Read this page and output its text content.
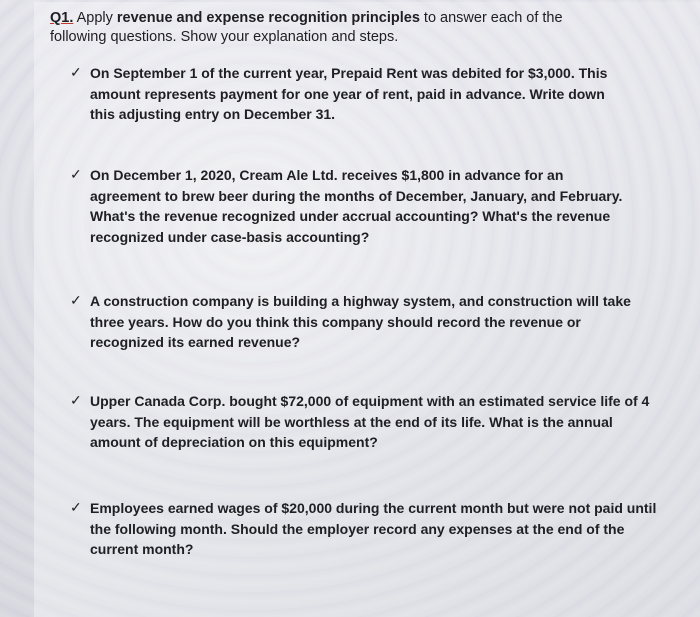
Q1. Apply revenue and expense recognition principles to answer each of the following questions. Show your explanation and steps.
✓ On September 1 of the current year, Prepaid Rent was debited for $3,000. This amount represents payment for one year of rent, paid in advance. Write down this adjusting entry on December 31.
✓ On December 1, 2020, Cream Ale Ltd. receives $1,800 in advance for an agreement to brew beer during the months of December, January, and February. What's the revenue recognized under accrual accounting? What's the revenue recognized under case-basis accounting?
✓ A construction company is building a highway system, and construction will take three years. How do you think this company should record the revenue or recognized its earned revenue?
✓ Upper Canada Corp. bought $72,000 of equipment with an estimated service life of 4 years. The equipment will be worthless at the end of its life. What is the annual amount of depreciation on this equipment?
✓ Employees earned wages of $20,000 during the current month but were not paid until the following month. Should the employer record any expenses at the end of the current month?
